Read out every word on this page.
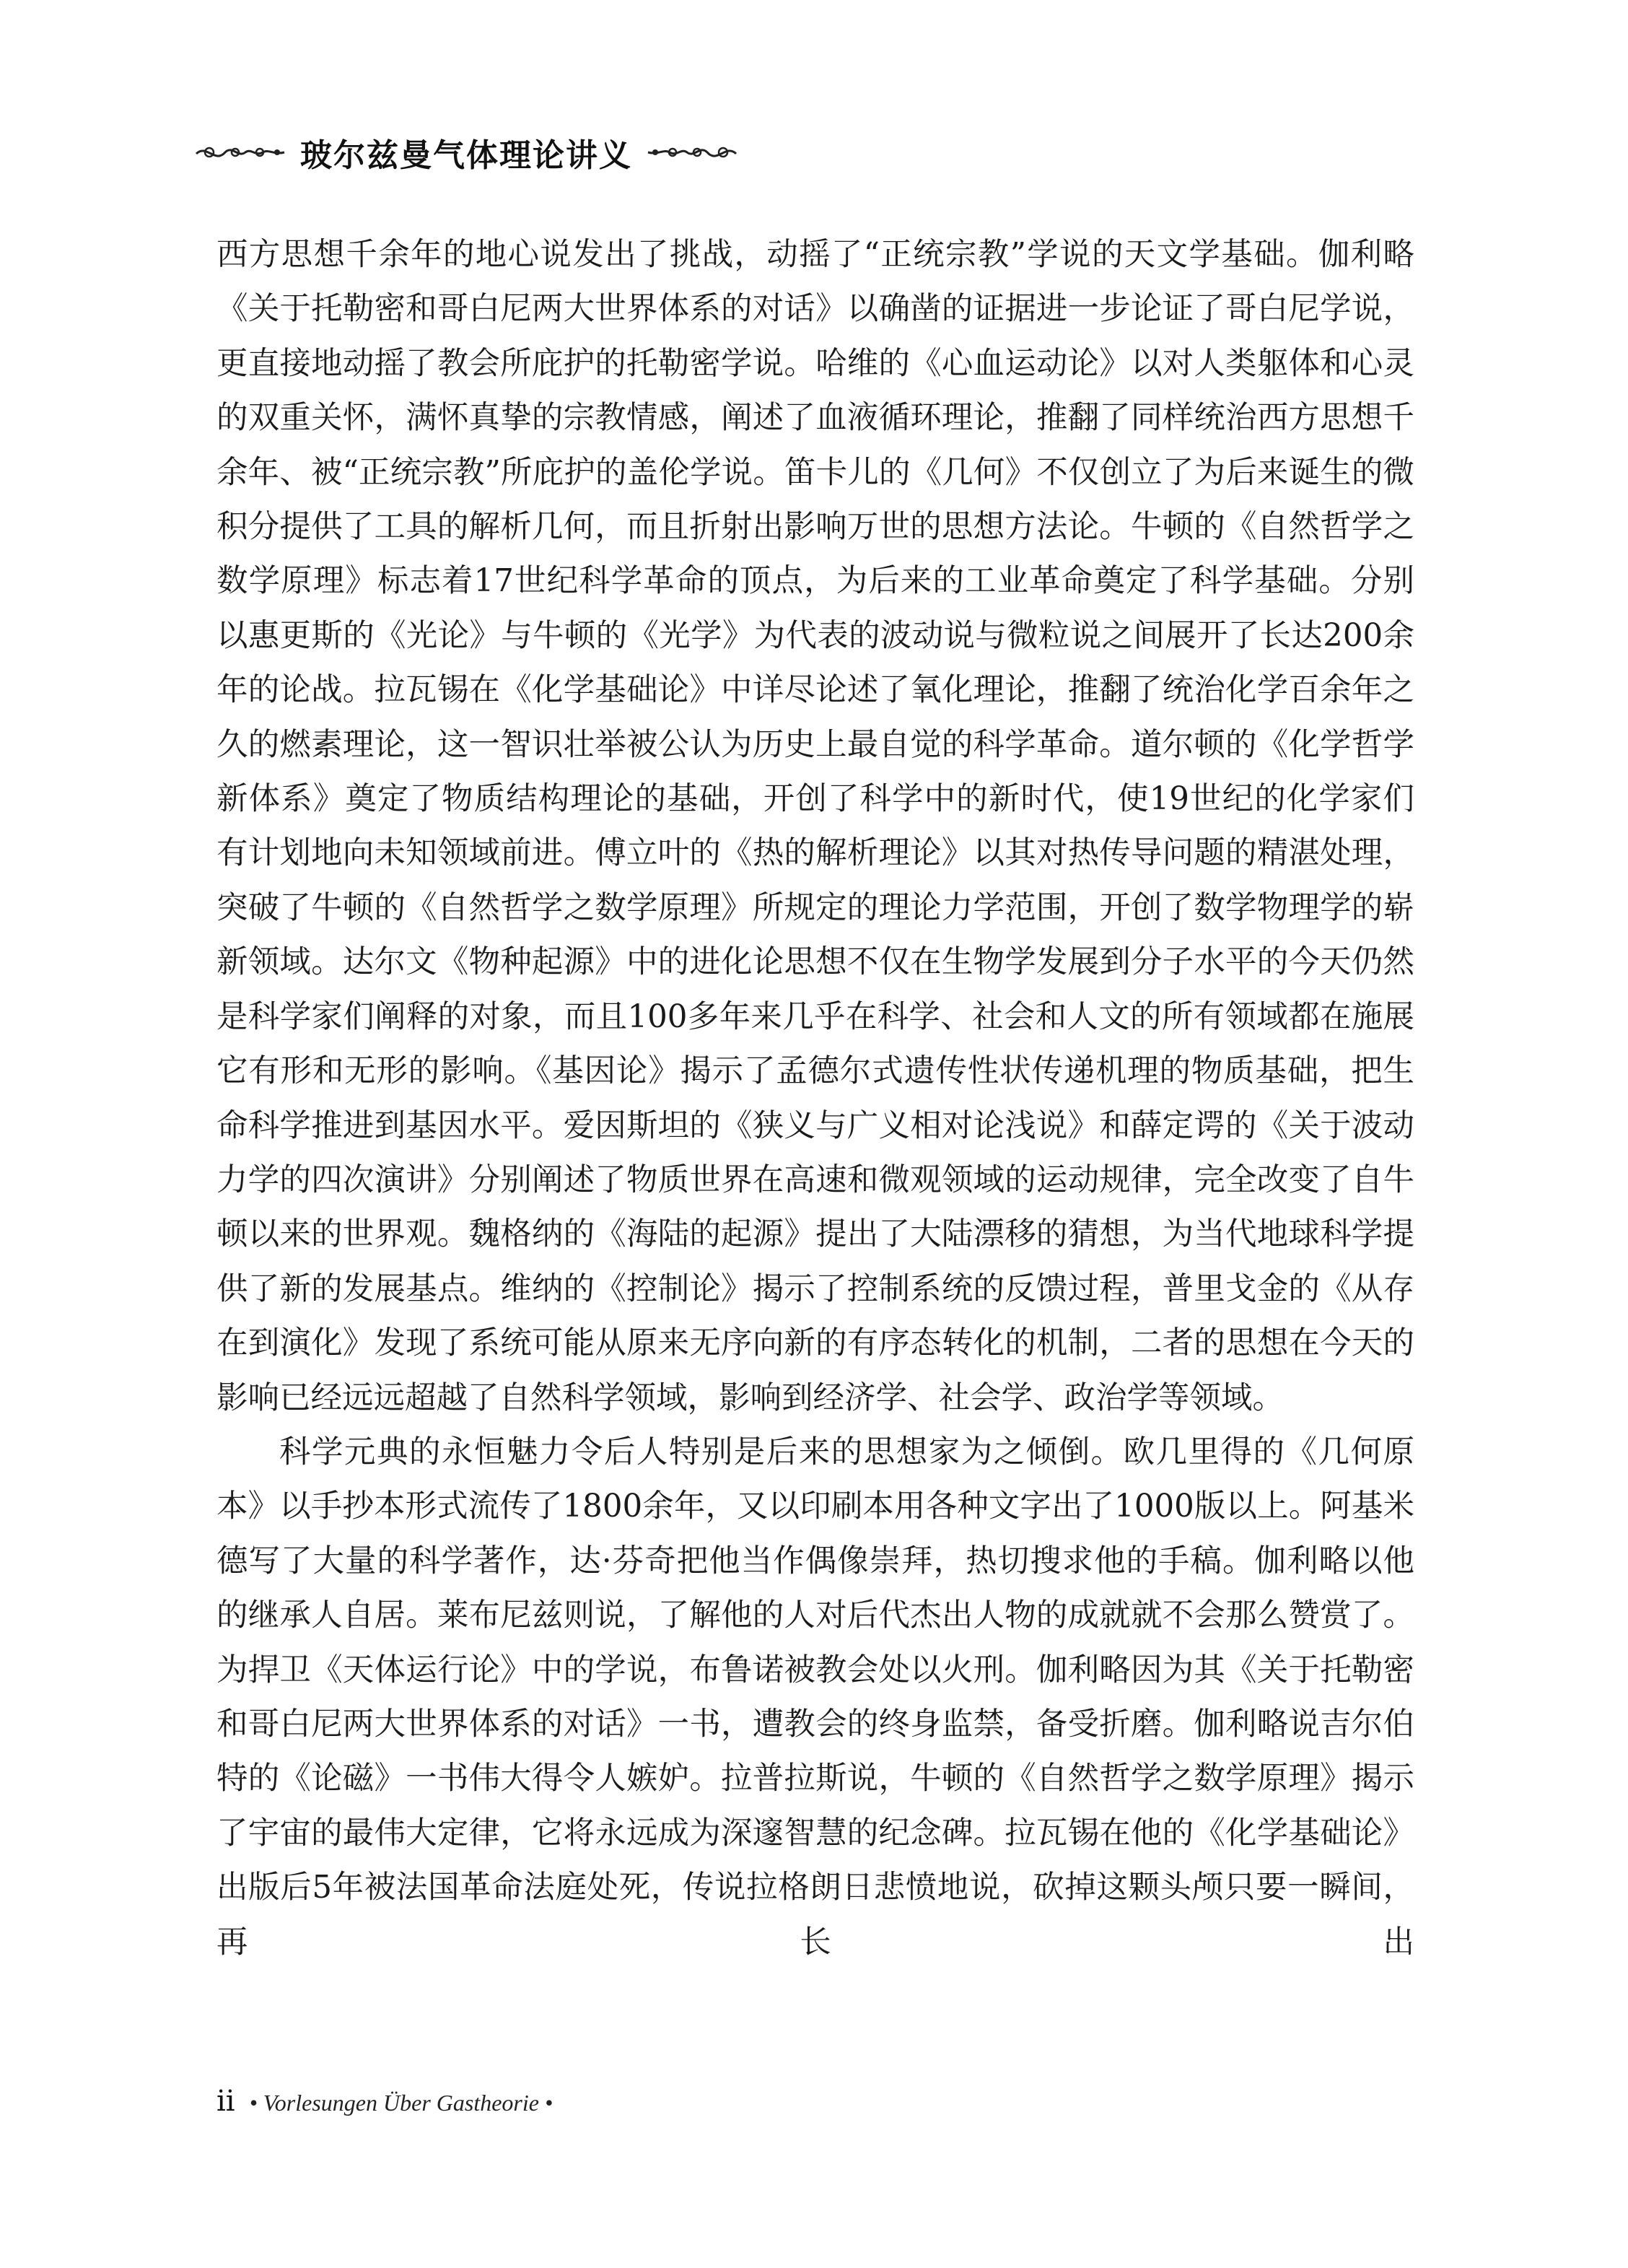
玻尔兹曼气体理论讲义

西方思想千余年的地心说发出了挑战，动摇了“正统宗教”学说的天文学基础。伽利略《关于托勒密和哥白尼两大世界体系的对话》以确凿的证据进一步论证了哥白尼学说，更直接地动摇了教会所庇护的托勒密学说。哈维的《心血运动论》以对人类躯体和心灵的双重关怀，满怀真挚的宗教情感，阐述了血液循环理论，推翻了同样统治西方思想千余年、被“正统宗教”所庇护的盖伦学说。笛卡儿的《几何》不仅创立了为后来诞生的微积分提供了工具的解析几何，而且折射出影响万世的思想方法论。牛顿的《自然哲学之数学原理》标志着17世纪科学革命的顶点，为后来的工业革命奠定了科学基础。分别以惠更斯的《光论》与牛顿的《光学》为代表的波动说与微粒说之间展开了长达200余年的论战。拉瓦锡在《化学基础论》中详尽论述了氧化理论，推翻了统治化学百余年之久的燃素理论，这一智识壮举被公认为历史上最自觉的科学革命。道尔顿的《化学哲学新体系》奠定了物质结构理论的基础，开创了科学中的新时代，使19世纪的化学家们有计划地向未知领域前进。傅立叶的《热的解析理论》以其对热传导问题的精湛处理，突破了牛顿的《自然哲学之数学原理》所规定的理论力学范围，开创了数学物理学的崭新领域。达尔文《物种起源》中的进化论思想不仅在生物学发展到分子水平的今天仍然是科学家们阐释的对象，而且100多年来几乎在科学、社会和人文的所有领域都在施展它有形和无形的影响。《基因论》揭示了孟德尔式遗传性状传递机理的物质基础，把生命科学推进到基因水平。爱因斯坦的《狭义与广义相对论浅说》和薛定谔的《关于波动力学的四次演讲》分别阐述了物质世界在高速和微观领域的运动规律，完全改变了自牛顿以来的世界观。魏格纳的《海陆的起源》提出了大陆漂移的猜想，为当代地球科学提供了新的发展基点。维纳的《控制论》揭示了控制系统的反馈过程，普里戈金的《从存在到演化》发现了系统可能从原来无序向新的有序态转化的机制，二者的思想在今天的影响已经远远超越了自然科学领域，影响到经济学、社会学、政治学等领域。

科学元典的永恒魅力令后人特别是后来的思想家为之倾倒。欧几里得的《几何原本》以手抄本形式流传了1800余年，又以印刷本用各种文字出了1000版以上。阿基米德写了大量的科学著作，达·芬奇把他当作偶像崇拜，热切搜求他的手稿。伽利略以他的继承人自居。莱布尼兹则说，了解他的人对后代杰出人物的成就就不会那么赞赏了。为捍卫《天体运行论》中的学说，布鲁诺被教会处以火刑。伽利略因为其《关于托勒密和哥白尼两大世界体系的对话》一书，遭教会的终身监禁，备受折磨。伽利略说吉尔伯特的《论磁》一书伟大得令人嫉妒。拉普拉斯说，牛顿的《自然哲学之数学原理》揭示了宇宙的最伟大定律，它将永远成为深邃智慧的纪念碑。拉瓦锡在他的《化学基础论》出版后5年被法国革命法庭处死，传说拉格朗日悲愤地说，砍掉这颗头颅只要一瞬间，再长出

ii • Vorlesungen Über Gastheorie •
